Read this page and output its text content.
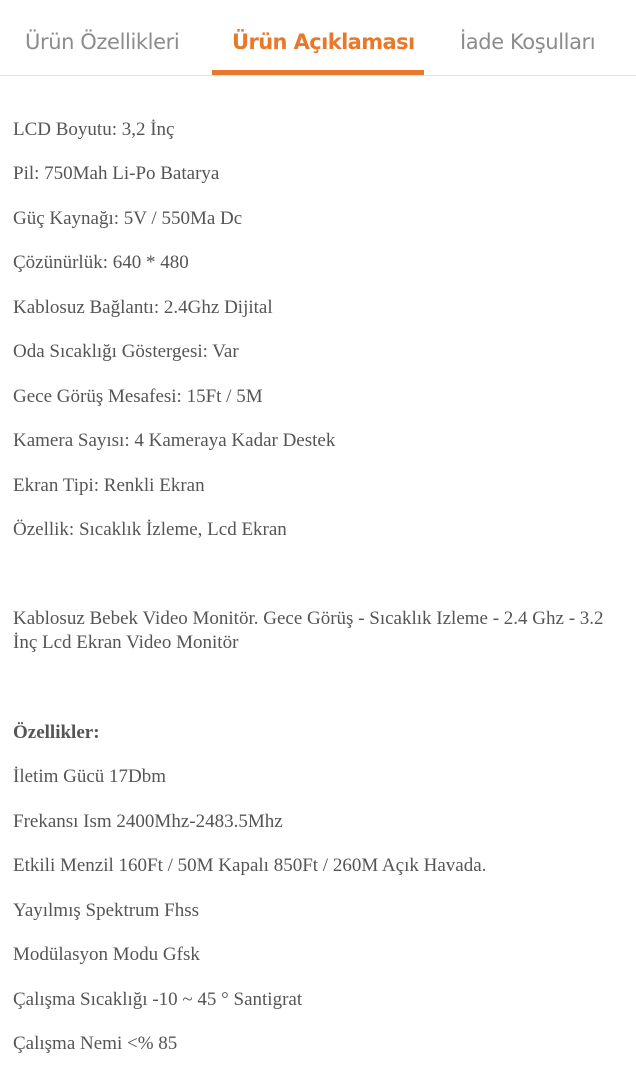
Ürün Özellikleri	Ürün Açıklaması İade Koşulları
LCD Boyutu: 3,2 İnç
Pil: 750Mah Li-Po Batarya
Güç Kaynağı: 5V / 550Ma Dc
Çözünürlük: 640 * 480
Kablosuz Bağlantı: 2.4Ghz Dijital
Oda Sıcaklığı Göstergesi: Var
Gece Görüş Mesafesi: 15Ft / 5M
Kamera Sayısı: 4 Kameraya Kadar Destek
Ekran Tipi: Renkli Ekran
Özellik: Sıcaklık İzleme, Lcd Ekran
Kablosuz Bebek Video Monitör. Gece Görüş - Sıcaklık Izleme - 2.4 Ghz - 3.2 İnç Lcd Ekran Video Monitör
Özellikler:
İletim Gücü 17Dbm
Frekansı Ism 2400Mhz-2483.5Mhz
Etkili Menzil 160Ft / 50M Kapalı 850Ft / 260M Açık Havada.
Yayılmış Spektrum Fhss
Modülasyon Modu Gfsk
Çalışma Sıcaklığı -10 ~ 45 ° Santigrat
Çalışma Nemi <% 85
